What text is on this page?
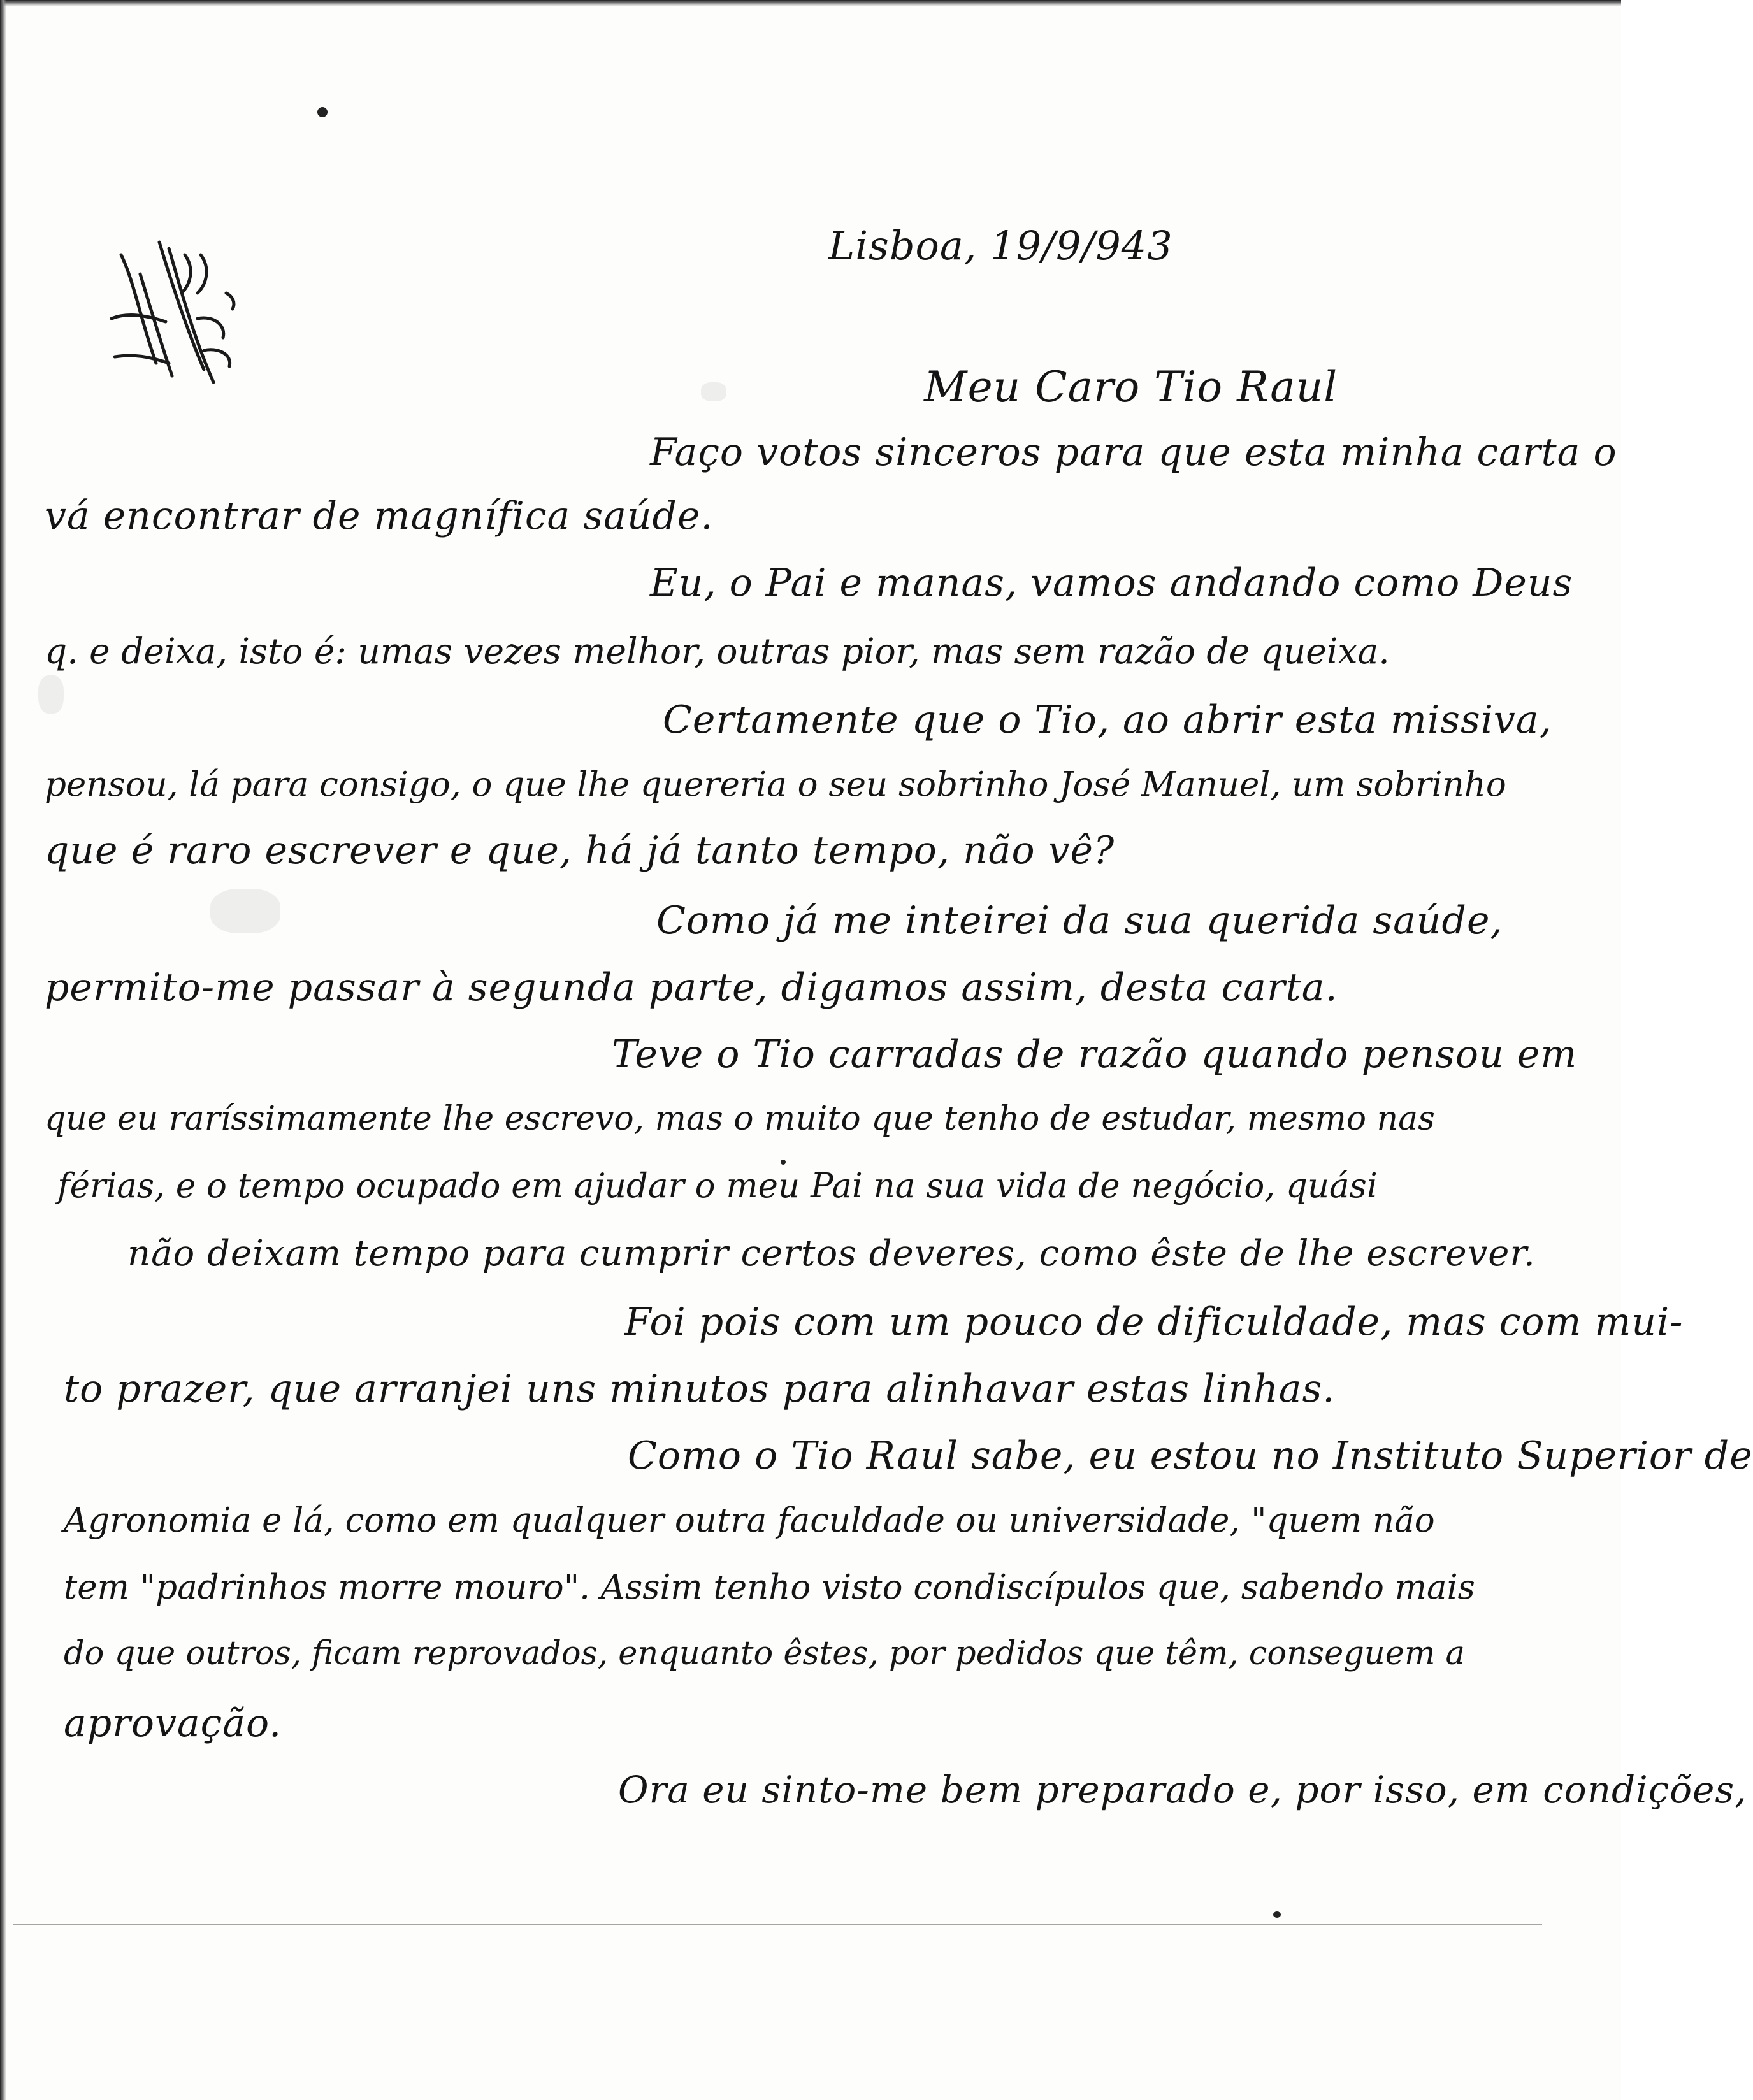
Lisboa, 19/9/943
Meu Caro Tio Raul
Faço votos sinceros para que esta minha carta o
vá encontrar de magnífica saúde.
Eu, o Pai e manas, vamos andando como Deus
q. e deixa, isto é: umas vezes melhor, outras pior, mas sem razão de queixa.
Certamente que o Tio, ao abrir esta missiva,
pensou, lá para consigo, o que lhe quereria o seu sobrinho José Manuel, um sobrinho
que é raro escrever e que, há já tanto tempo, não vê?
Como já me inteirei da sua querida saúde,
permito-me passar à segunda parte, digamos assim, desta carta.
Teve o Tio carradas de razão quando pensou em
que eu raríssimamente lhe escrevo, mas o muito que tenho de estudar, mesmo nas
férias, e o tempo ocupado em ajudar o meu Pai na sua vida de negócio, quási
não deixam tempo para cumprir certos deveres, como êste de lhe escrever.
Foi pois com um pouco de dificuldade, mas com mui-
to prazer, que arranjei uns minutos para alinhavar estas linhas.
Como o Tio Raul sabe, eu estou no Instituto Superior de
Agronomia e lá, como em qualquer outra faculdade ou universidade, "quem não
tem "padrinhos morre mouro". Assim tenho visto condiscípulos que, sabendo mais
do que outros, ficam reprovados, enquanto êstes, por pedidos que têm, conseguem a
aprovação.
Ora eu sinto-me bem preparado e, por isso, em condições,
